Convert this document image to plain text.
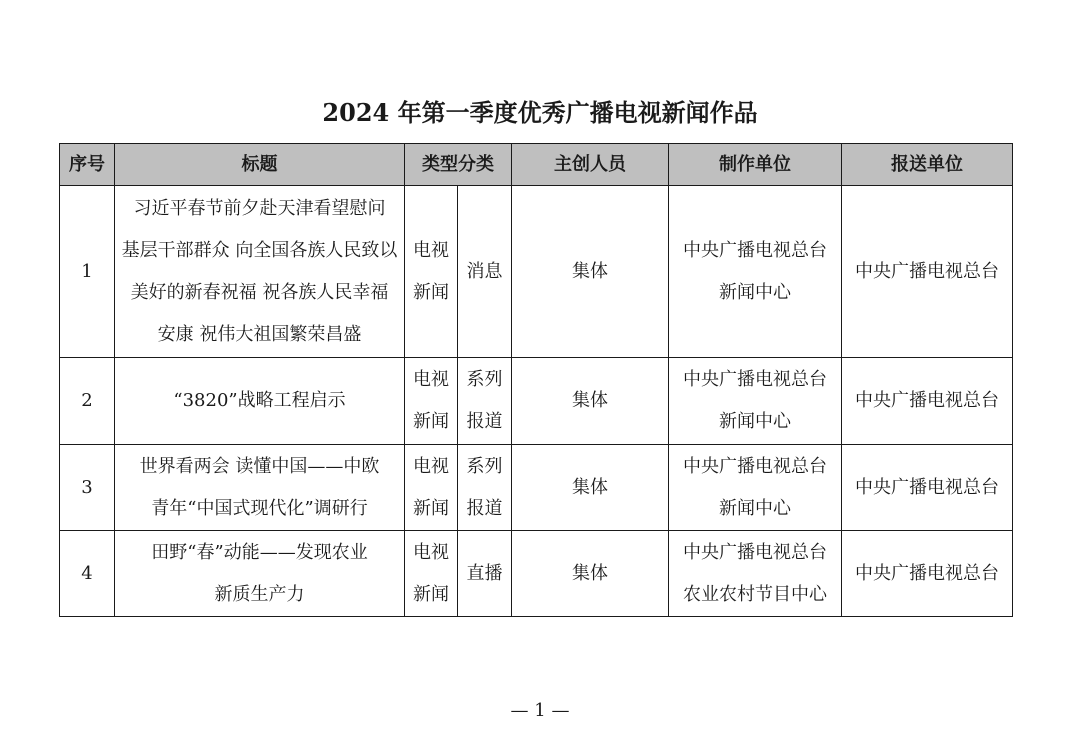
2024 年第一季度优秀广播电视新闻作品
序号	标题	类型分类		主创人员	制作单位	报送单位
1	习近平春节前夕赴天津看望慰问
基层干部群众 向全国各族人民致以
美好的新春祝福 祝各族人民幸福
安康 祝伟大祖国繁荣昌盛	电视
新闻	消息	集体	中央广播电视总台
新闻中心	中央广播电视总台
2	“3820”战略工程启示	电视
新闻	系列
报道	集体	中央广播电视总台
新闻中心	中央广播电视总台
3	世界看两会 读懂中国——中欧
青年“中国式现代化”调研行	电视
新闻	系列
报道	集体	中央广播电视总台
新闻中心	中央广播电视总台
4	田野“春”动能——发现农业
新质生产力	电视
新闻	直播	集体	中央广播电视总台
农业农村节目中心	中央广播电视总台
— 1 —
